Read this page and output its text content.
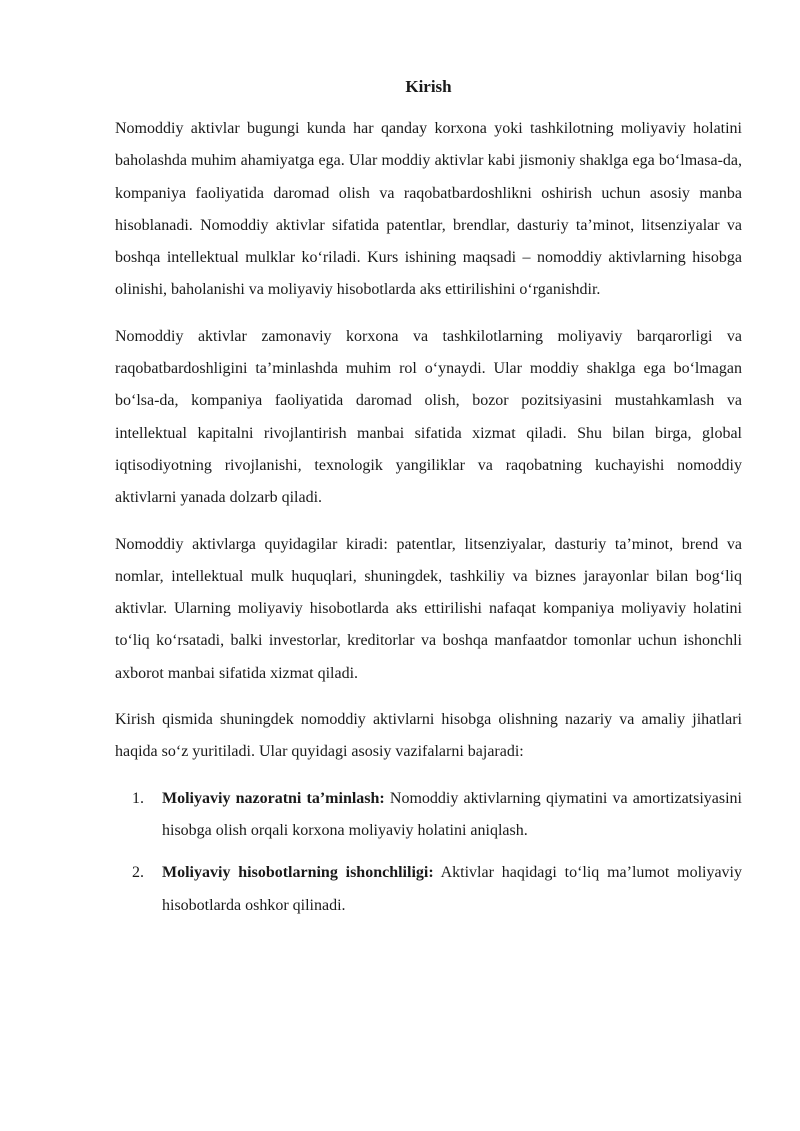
Kirish

Nomoddiy aktivlar bugungi kunda har qanday korxona yoki tashkilotning moliyaviy holatini baholashda muhim ahamiyatga ega. Ular moddiy aktivlar kabi jismoniy shaklga ega boʻlmasa-da, kompaniya faoliyatida daromad olish va raqobatbardoshlikni oshirish uchun asosiy manba hisoblanadi. Nomoddiy aktivlar sifatida patentlar, brendlar, dasturiy taʼminot, litsenziyalar va boshqa intellektual mulklar koʻriladi. Kurs ishining maqsadi – nomoddiy aktivlarning hisobga olinishi, baholanishi va moliyaviy hisobotlarda aks ettirilishini oʻrganishdir.

Nomoddiy aktivlar zamonaviy korxona va tashkilotlarning moliyaviy barqarorligi va raqobatbardoshligini taʼminlashda muhim rol oʻynaydi. Ular moddiy shaklga ega boʻlmagan boʻlsa-da, kompaniya faoliyatida daromad olish, bozor pozitsiyasini mustahkamlash va intellektual kapitalni rivojlantirish manbai sifatida xizmat qiladi. Shu bilan birga, global iqtisodiyotning rivojlanishi, texnologik yangiliklar va raqobatning kuchayishi nomoddiy aktivlarni yanada dolzarb qiladi.

Nomoddiy aktivlarga quyidagilar kiradi: patentlar, litsenziyalar, dasturiy taʼminot, brend va nomlar, intellektual mulk huquqlari, shuningdek, tashkiliy va biznes jarayonlar bilan bogʻliq aktivlar. Ularning moliyaviy hisobotlarda aks ettirilishi nafaqat kompaniya moliyaviy holatini toʻliq koʻrsatadi, balki investorlar, kreditorlar va boshqa manfaatdor tomonlar uchun ishonchli axborot manbai sifatida xizmat qiladi.

Kirish qismida shuningdek nomoddiy aktivlarni hisobga olishning nazariy va amaliy jihatlari haqida soʻz yuritiladi. Ular quyidagi asosiy vazifalarni bajaradi:

1. Moliyaviy nazoratni taʼminlash: Nomoddiy aktivlarning qiymatini va amortizatsiyasini hisobga olish orqali korxona moliyaviy holatini aniqlash.
2. Moliyaviy hisobotlarning ishonchliligi: Aktivlar haqidagi toʻliq maʼlumot moliyaviy hisobotlarda oshkor qilinadi.
